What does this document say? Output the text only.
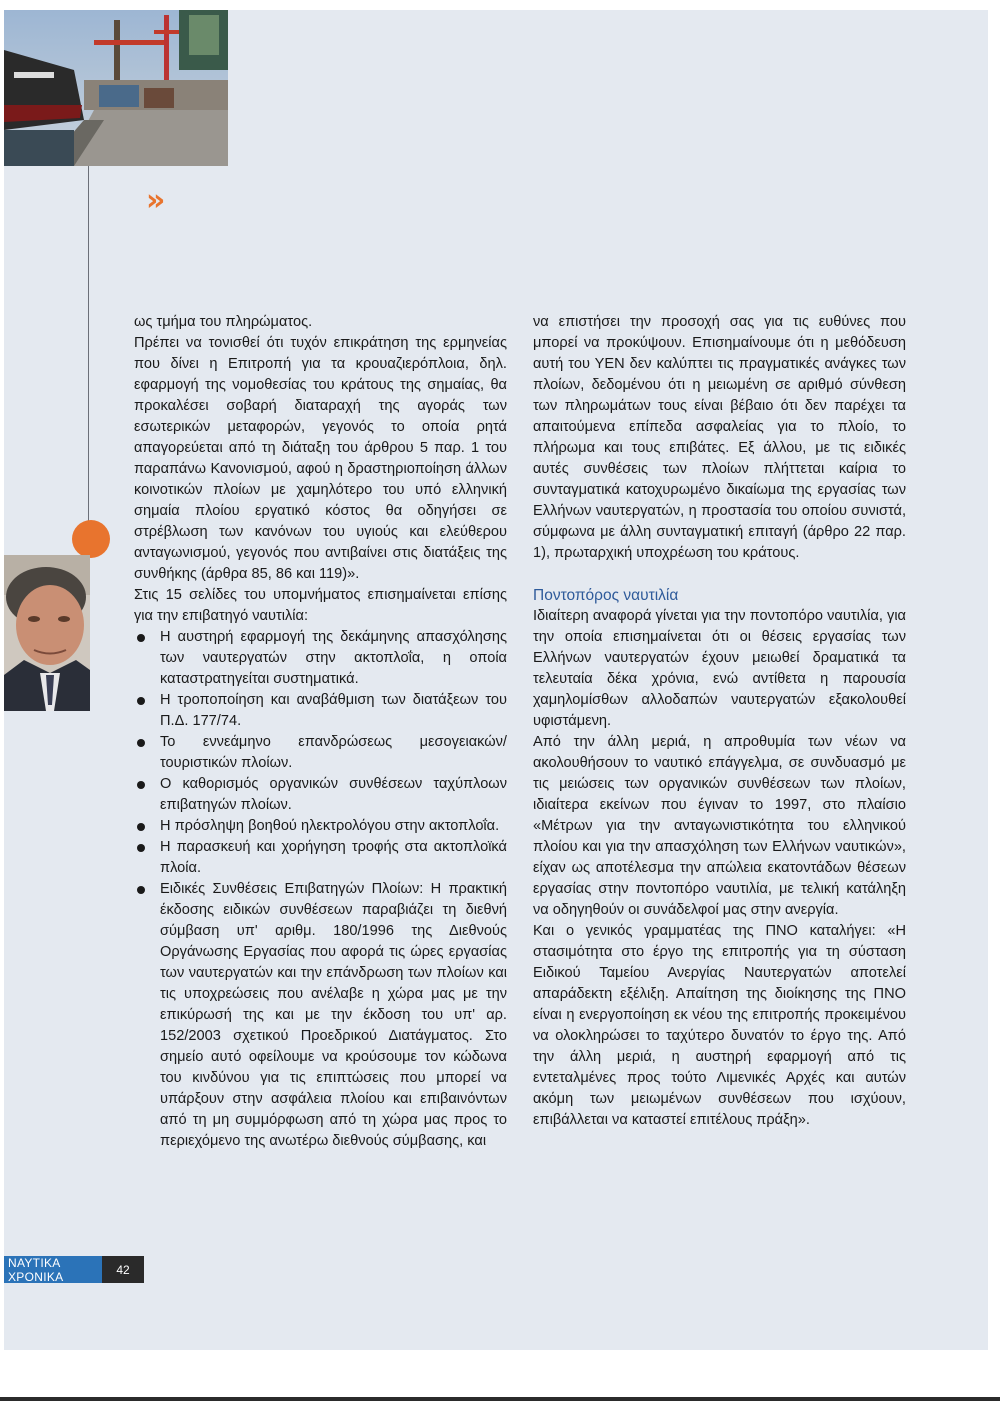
»

ως τμήμα του πληρώματος.

Πρέπει να τονισθεί ότι τυχόν επικράτηση της ερμηνείας που δίνει η Επιτροπή για τα κρουαζιερόπλοια, δηλ. εφαρμογή της νομοθεσίας του κράτους της σημαίας, θα προκαλέσει σοβαρή διαταραχή της αγοράς των εσωτερικών μεταφορών, γεγονός το οποία ρητά απαγορεύεται από τη διάταξη του άρθρου 5 παρ. 1 του παραπάνω Κανονισμού, αφού η δραστηριοποίηση άλλων κοινοτικών πλοίων με χαμηλότερο του υπό ελληνική σημαία πλοίου εργατικό κόστος θα οδηγήσει σε στρέβλωση των κανόνων του υγιούς και ελεύθερου ανταγωνισμού, γεγονός που αντιβαίνει στις διατάξεις της συνθήκης (άρθρα 85, 86 και 119)».

Στις 15 σελίδες του υπομνήματος επισημαίνεται επίσης για την επιβατηγό ναυτιλία:

Η αυστηρή εφαρμογή της δεκάμηνης απασχόλησης των ναυτεργατών στην ακτοπλοΐα, η οποία καταστρατηγείται συστηματικά.
Η τροποποίηση και αναβάθμιση των διατάξεων του Π.Δ. 177/74.
Το εννεάμηνο επανδρώσεως μεσογειακών/τουριστικών πλοίων.
Ο καθορισμός οργανικών συνθέσεων ταχύπλοων επιβατηγών πλοίων.
Η πρόσληψη βοηθού ηλεκτρολόγου στην ακτοπλοΐα.
Η παρασκευή και χορήγηση τροφής στα ακτοπλοϊκά πλοία.
Ειδικές Συνθέσεις Επιβατηγών Πλοίων: Η πρακτική έκδοσης ειδικών συνθέσεων παραβιάζει τη διεθνή σύμβαση υπ' αριθμ. 180/1996 της Διεθνούς Οργάνωσης Εργασίας που αφορά τις ώρες εργασίας των ναυτεργατών και την επάνδρωση των πλοίων και τις υποχρεώσεις που ανέλαβε η χώρα μας με την επικύρωσή της και με την έκδοση του υπ' αρ. 152/2003 σχετικού Προεδρικού Διατάγματος. Στο σημείο αυτό οφείλουμε να κρούσουμε τον κώδωνα του κινδύνου για τις επιπτώσεις που μπορεί να υπάρξουν στην ασφάλεια πλοίου και επιβαινόντων από τη μη συμμόρφωση από τη χώρα μας προς το περιεχόμενο της ανωτέρω διεθνούς σύμβασης, και

να επιστήσει την προσοχή σας για τις ευθύνες που μπορεί να προκύψουν. Επισημαίνουμε ότι η μεθόδευση αυτή του ΥΕΝ δεν καλύπτει τις πραγματικές ανάγκες των πλοίων, δεδομένου ότι η μειωμένη σε αριθμό σύνθεση των πληρωμάτων τους είναι βέβαιο ότι δεν παρέχει τα απαιτούμενα επίπεδα ασφαλείας για το πλοίο, το πλήρωμα και τους επιβάτες. Εξ άλλου, με τις ειδικές αυτές συνθέσεις των πλοίων πλήττεται καίρια το συνταγματικά κατοχυρωμένο δικαίωμα της εργασίας των Ελλήνων ναυτεργατών, η προστασία του οποίου συνιστά, σύμφωνα με άλλη συνταγματική επιταγή (άρθρο 22 παρ. 1), πρωταρχική υποχρέωση του κράτους.

Ποντοπόρος ναυτιλία

Ιδιαίτερη αναφορά γίνεται για την ποντοπόρο ναυτιλία, για την οποία επισημαίνεται ότι οι θέσεις εργασίας των Ελλήνων ναυτεργατών έχουν μειωθεί δραματικά τα τελευταία δέκα χρόνια, ενώ αντίθετα η παρουσία χαμηλομίσθων αλλοδαπών ναυτεργατών εξακολουθεί υφιστάμενη.

Από την άλλη μεριά, η απροθυμία των νέων να ακολουθήσουν το ναυτικό επάγγελμα, σε συνδυασμό με τις μειώσεις των οργανικών συνθέσεων των πλοίων, ιδιαίτερα εκείνων που έγιναν το 1997, στο πλαίσιο «Μέτρων για την ανταγωνιστικότητα του ελληνικού πλοίου και για την απασχόληση των Ελλήνων ναυτικών», είχαν ως αποτέλεσμα την απώλεια εκατοντάδων θέσεων εργασίας στην ποντοπόρο ναυτιλία, με τελική κατάληξη να οδηγηθούν οι συνάδελφοί μας στην ανεργία.

Και ο γενικός γραμματέας της ΠΝΟ καταλήγει: «Η στασιμότητα στο έργο της επιτροπής για τη σύσταση Ειδικού Ταμείου Ανεργίας Ναυτεργατών αποτελεί απαράδεκτη εξέλιξη. Απαίτηση της διοίκησης της ΠΝΟ είναι η ενεργοποίηση εκ νέου της επιτροπής προκειμένου να ολοκληρώσει το ταχύτερο δυνατόν το έργο της. Από την άλλη μεριά, η αυστηρή εφαρμογή από τις εντεταλμένες προς τούτο Λιμενικές Αρχές και αυτών ακόμη των μειωμένων συνθέσεων που ισχύουν, επιβάλλεται να καταστεί επιτέλους πράξη».

ΝΑΥΤΙΚΑ ΧΡΟΝΙΚΑ	42
